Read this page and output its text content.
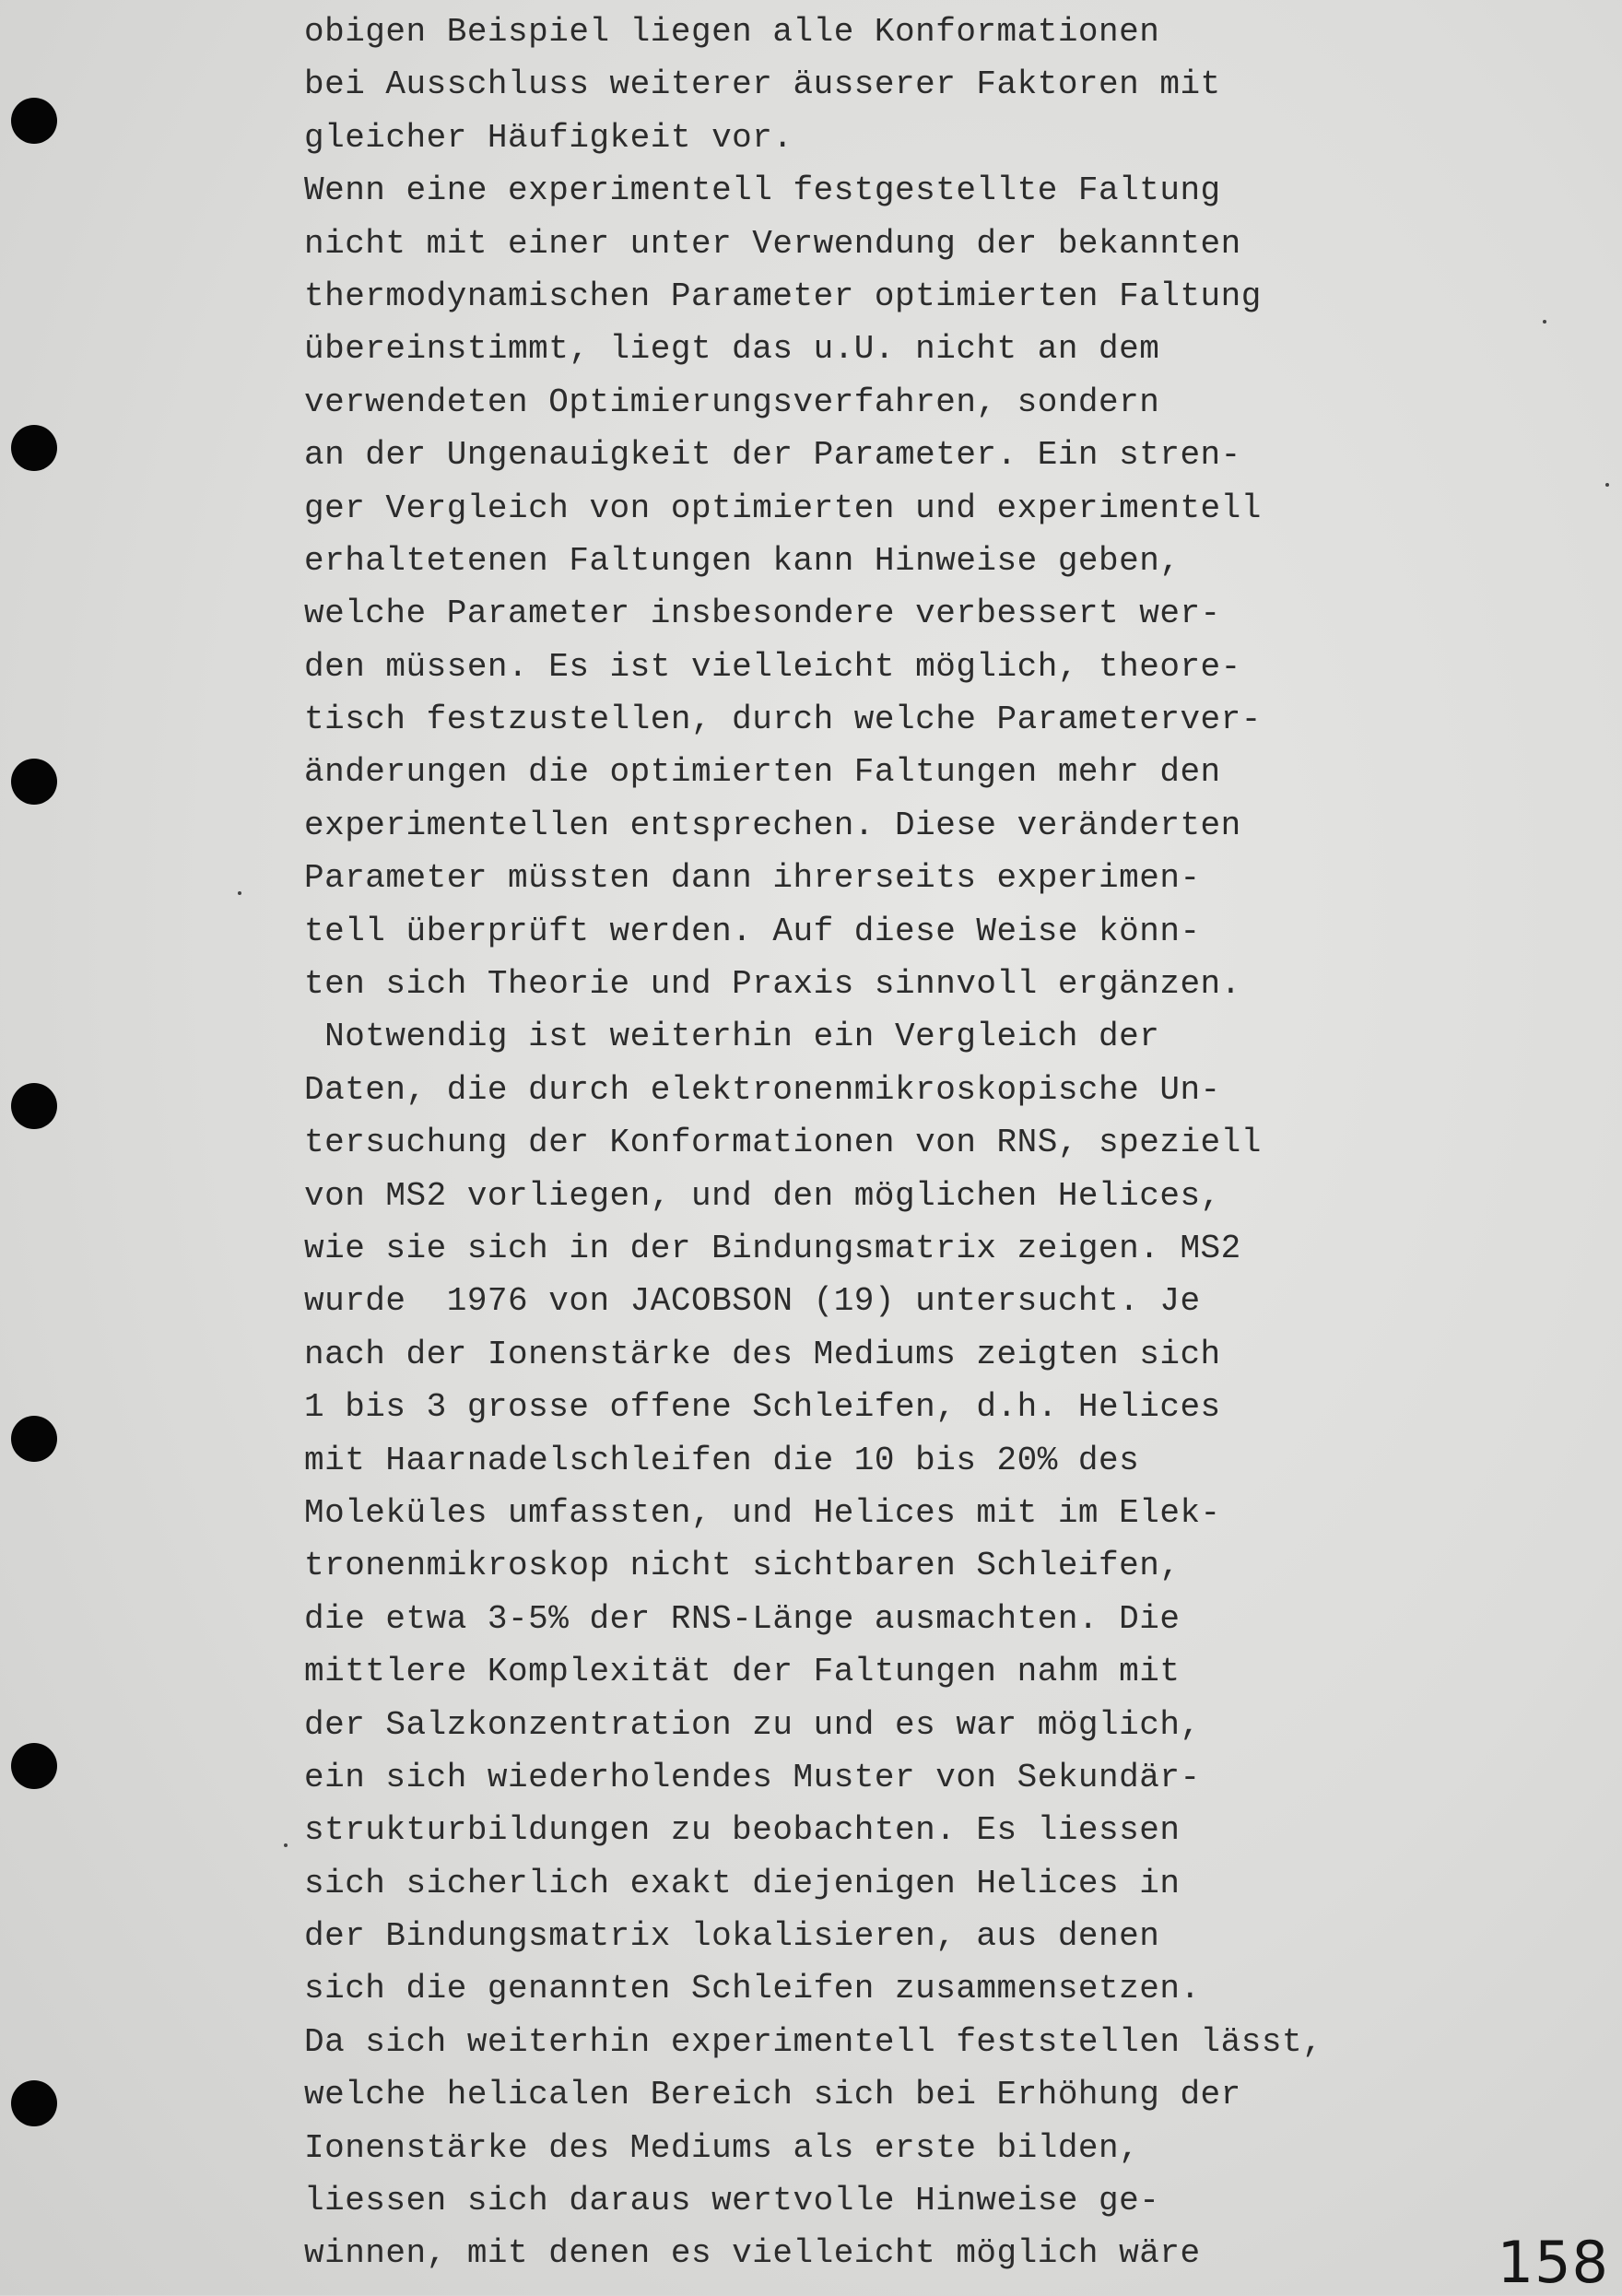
obigen Beispiel liegen alle Konformationen
bei Ausschluss weiterer äusserer Faktoren mit
gleicher Häufigkeit vor.
Wenn eine experimentell festgestellte Faltung
nicht mit einer unter Verwendung der bekannten
thermodynamischen Parameter optimierten Faltung
übereinstimmt, liegt das u.U. nicht an dem
verwendeten Optimierungsverfahren, sondern
an der Ungenauigkeit der Parameter. Ein stren-
ger Vergleich von optimierten und experimentell
erhaltetenen Faltungen kann Hinweise geben,
welche Parameter insbesondere verbessert wer-
den müssen. Es ist vielleicht möglich, theore-
tisch festzustellen, durch welche Parameterver-
änderungen die optimierten Faltungen mehr den
experimentellen entsprechen. Diese veränderten
Parameter müssten dann ihrerseits experimen-
tell überprüft werden. Auf diese Weise könn-
ten sich Theorie und Praxis sinnvoll ergänzen.
Notwendig ist weiterhin ein Vergleich der
Daten, die durch elektronenmikroskopische Un-
tersuchung der Konformationen von RNS, speziell
von MS2 vorliegen, und den möglichen Helices,
wie sie sich in der Bindungsmatrix zeigen. MS2
wurde  1976 von JACOBSON (19) untersucht. Je
nach der Ionenstärke des Mediums zeigten sich
1 bis 3 grosse offene Schleifen, d.h. Helices
mit Haarnadelschleifen die 10 bis 20% des
Moleküles umfassten, und Helices mit im Elek-
tronenmikroskop nicht sichtbaren Schleifen,
die etwa 3-5% der RNS-Länge ausmachten. Die
mittlere Komplexität der Faltungen nahm mit
der Salzkonzentration zu und es war möglich,
ein sich wiederholendes Muster von Sekundär-
strukturbildungen zu beobachten. Es liessen
sich sicherlich exakt diejenigen Helices in
der Bindungsmatrix lokalisieren, aus denen
sich die genannten Schleifen zusammensetzen.
Da sich weiterhin experimentell feststellen lässt,
welche helicalen Bereich sich bei Erhöhung der
Ionenstärke des Mediums als erste bilden,
liessen sich daraus wertvolle Hinweise ge-
winnen, mit denen es vielleicht möglich wäre	158
